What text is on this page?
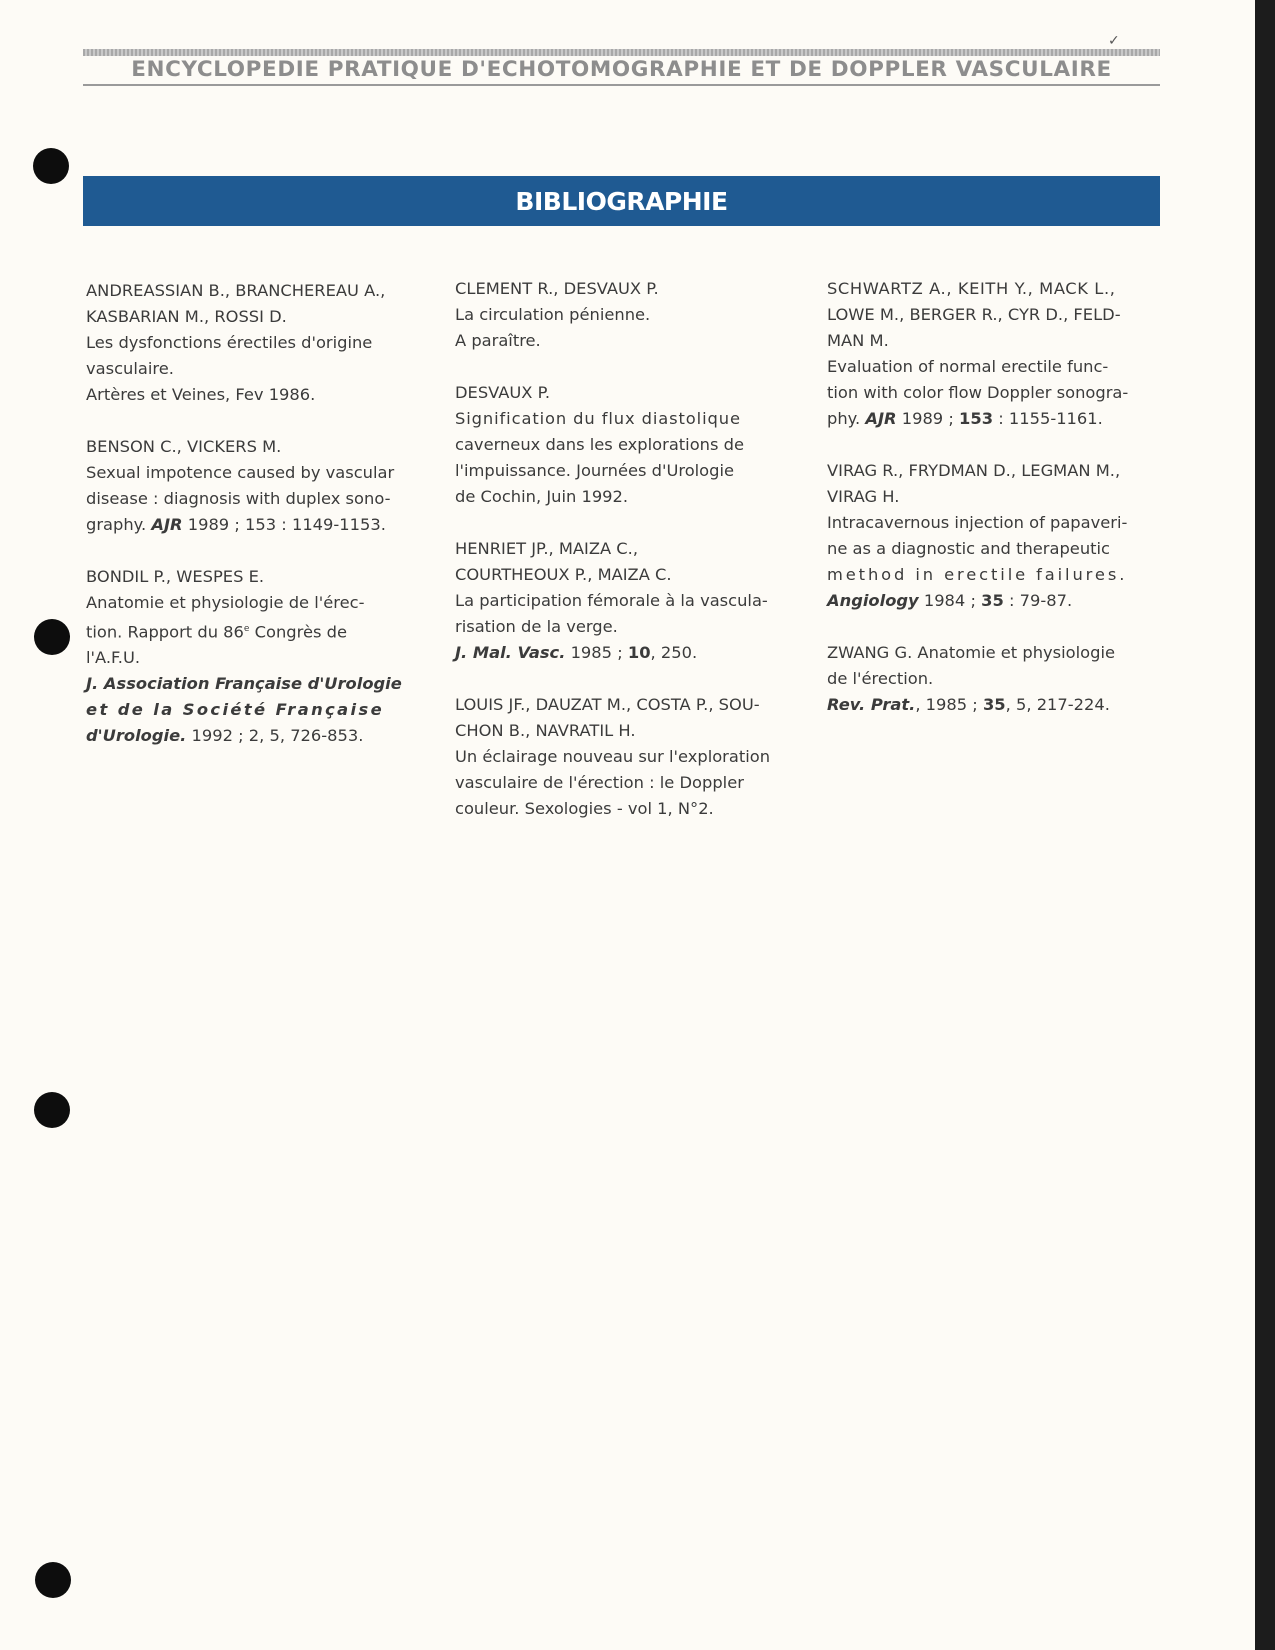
✓
ENCYCLOPEDIE PRATIQUE D'ECHOTOMOGRAPHIE ET DE DOPPLER VASCULAIRE
BIBLIOGRAPHIE
ANDREASSIAN B., BRANCHEREAU A.,
KASBARIAN M., ROSSI D.
Les dysfonctions érectiles d'origine
vasculaire.
Artères et Veines, Fev 1986.
BENSON C., VICKERS M.
Sexual impotence caused by vascular
disease : diagnosis with duplex sono-
graphy. AJR 1989 ; 153 : 1149-1153.
BONDIL P., WESPES E.
Anatomie et physiologie de l'érec-
tion. Rapport du 86e Congrès de
l'A.F.U.
J. Association Française d'Urologie
et de la Société Française
d'Urologie. 1992 ; 2, 5, 726-853.
CLEMENT R., DESVAUX P.
La circulation pénienne.
A paraître.
DESVAUX P.
Signification du flux diastolique
caverneux dans les explorations de
l'impuissance. Journées d'Urologie
de Cochin, Juin 1992.
HENRIET JP., MAIZA C.,
COURTHEOUX P., MAIZA C.
La participation fémorale à la vascula-
risation de la verge.
J. Mal. Vasc. 1985 ; 10, 250.
LOUIS JF., DAUZAT M., COSTA P., SOU-
CHON B., NAVRATIL H.
Un éclairage nouveau sur l'exploration
vasculaire de l'érection : le Doppler
couleur. Sexologies - vol 1, N°2.
SCHWARTZ A., KEITH Y., MACK L.,
LOWE M., BERGER R., CYR D., FELD-
MAN M.
Evaluation of normal erectile func-
tion with color flow Doppler sonogra-
phy. AJR 1989 ; 153 : 1155-1161.
VIRAG R., FRYDMAN D., LEGMAN M.,
VIRAG H.
Intracavernous injection of papaveri-
ne as a diagnostic and therapeutic
method in erectile failures.
Angiology 1984 ; 35 : 79-87.
ZWANG G. Anatomie et physiologie
de l'érection.
Rev. Prat., 1985 ; 35, 5, 217-224.
